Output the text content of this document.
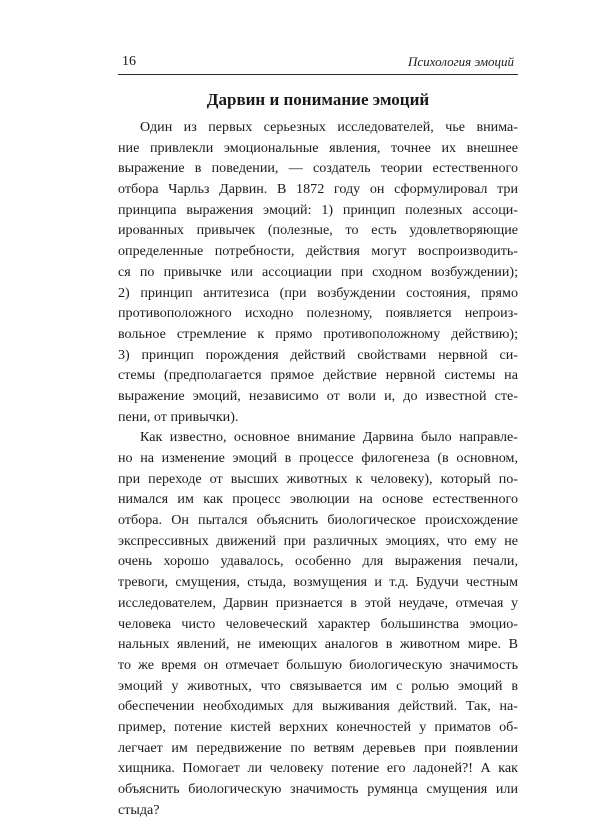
16	Психология эмоций
Дарвин и понимание эмоций
Один из первых серьезных исследователей, чье внима-
ние привлекли эмоциональные явления, точнее их внешнее
выражение в поведении, — создатель теории естественного
отбора Чарльз Дарвин. В 1872 году он сформулировал три
принципа выражения эмоций: 1) принцип полезных ассоци-
ированных привычек (полезные, то есть удовлетворяющие
определенные потребности, действия могут воспроизводить-
ся по привычке или ассоциации при сходном возбуждении);
2) принцип антитезиса (при возбуждении состояния, прямо
противоположного исходно полезному, появляется непроиз-
вольное стремление к прямо противоположному действию);
3) принцип порождения действий свойствами нервной си-
стемы (предполагается прямое действие нервной системы на
выражение эмоций, независимо от воли и, до известной сте-
пени, от привычки).
Как известно, основное внимание Дарвина было направле-
но на изменение эмоций в процессе филогенеза (в основном,
при переходе от высших животных к человеку), который по-
нимался им как процесс эволюции на основе естественного
отбора. Он пытался объяснить биологическое происхождение
экспрессивных движений при различных эмоциях, что ему не
очень хорошо удавалось, особенно для выражения печали,
тревоги, смущения, стыда, возмущения и т.д. Будучи честным
исследователем, Дарвин признается в этой неудаче, отмечая у
человека чисто человеческий характер большинства эмоцио-
нальных явлений, не имеющих аналогов в животном мире. В
то же время он отмечает большую биологическую значимость
эмоций у животных, что связывается им с ролью эмоций в
обеспечении необходимых для выживания действий. Так, на-
пример, потение кистей верхних конечностей у приматов об-
легчает им передвижение по ветвям деревьев при появлении
хищника. Помогает ли человеку потение его ладоней?! А как
объяснить биологическую значимость румянца смущения или
стыда?
